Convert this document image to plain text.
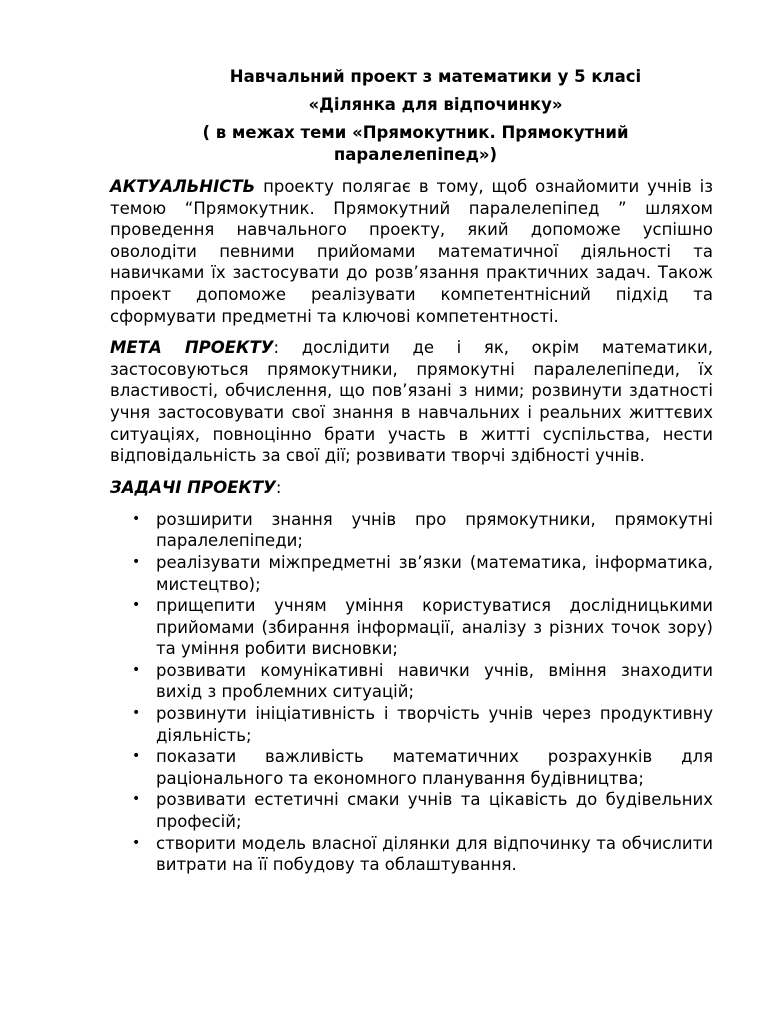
Навчальний проект з математики у 5 класі
«Ділянка для відпочинку»
( в межах теми «Прямокутник. Прямокутний паралелепіпед»)

АКТУАЛЬНІСТЬ проекту полягає в тому, щоб ознайомити учнів із темою “Прямокутник. Прямокутний паралелепіпед ” шляхом проведення навчального проекту, який допоможе успішно оволодіти певними прийомами математичної діяльності та навичками їх застосувати до розв’язання практичних задач. Також проект допоможе реалізувати компетентнісний підхід та сформувати предметні та ключові компетентності.

МЕТА ПРОЕКТУ: дослідити де і як, окрім математики, застосовуються прямокутники, прямокутні паралелепіпеди, їх властивості, обчислення, що пов’язані з ними; розвинути здатності учня застосовувати свої знання в навчальних і реальних життєвих ситуаціях, повноцінно брати участь в житті суспільства, нести відповідальність за свої дії; розвивати творчі здібності учнів.

ЗАДАЧІ ПРОЕКТУ:
• розширити знання учнів про прямокутники, прямокутні паралелепіпеди;
• реалізувати міжпредметні зв’язки (математика, інформатика, мистецтво);
• прищепити учням уміння користуватися дослідницькими прийомами (збирання інформації, аналізу з різних точок зору) та уміння робити висновки;
• розвивати комунікативні навички учнів, вміння знаходити вихід з проблемних ситуацій;
• розвинути ініціативність і творчість учнів через продуктивну діяльність;
• показати важливість математичних розрахунків для раціонального та економного планування будівництва;
• розвивати естетичні смаки учнів та цікавість до будівельних професій;
• створити модель власної ділянки для відпочинку та обчислити витрати на її побудову та облаштування.
